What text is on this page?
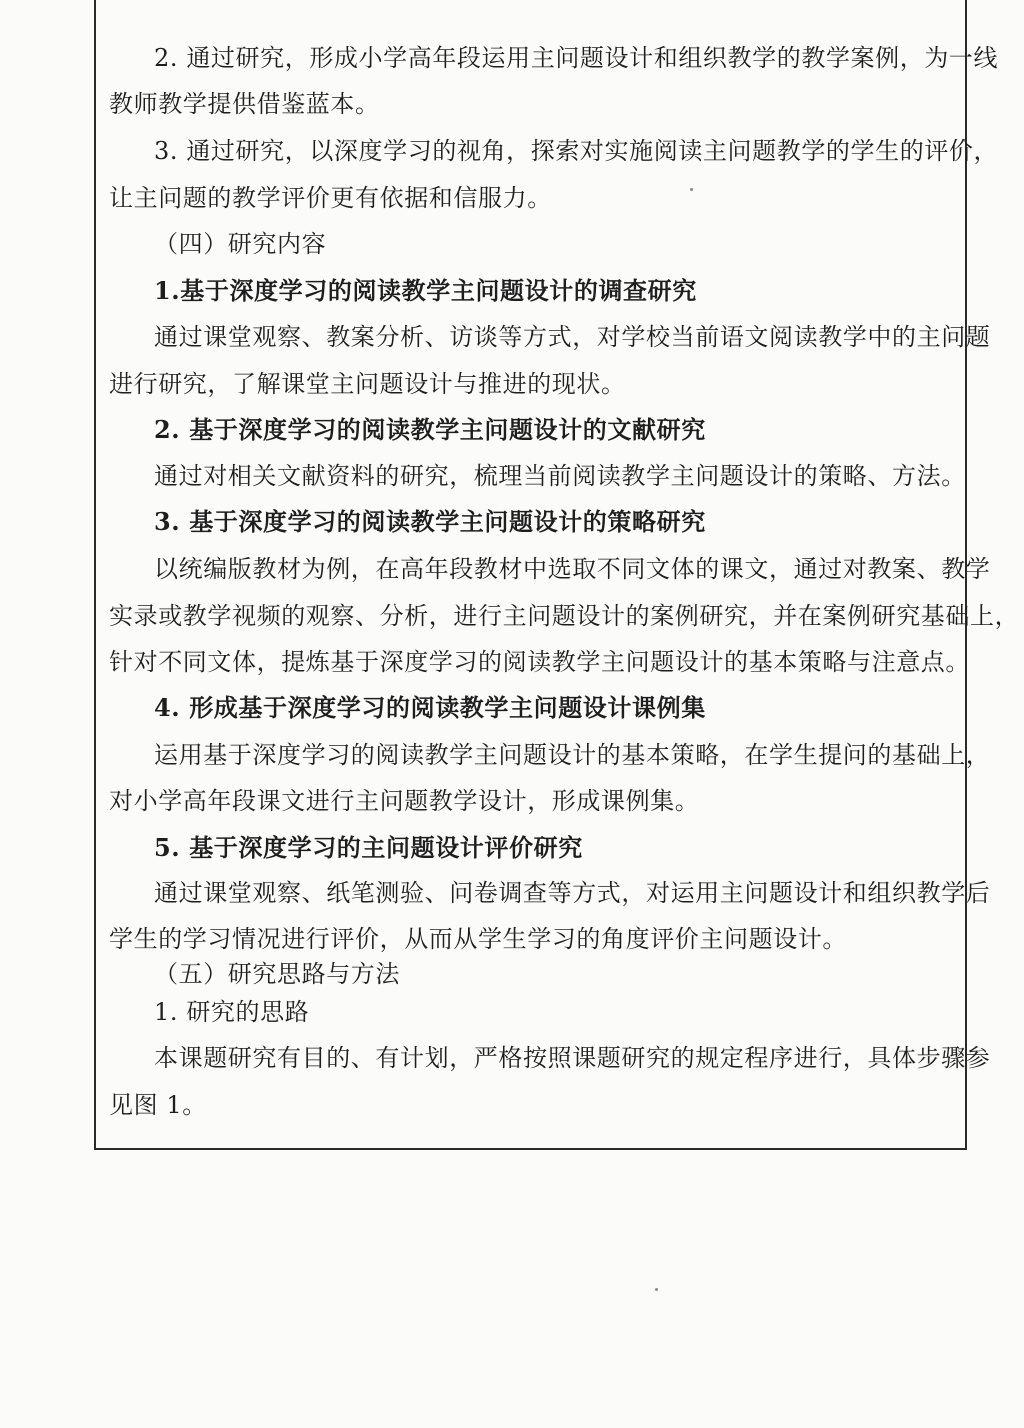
2. 通过研究，形成小学高年段运用主问题设计和组织教学的教学案例，为一线
教师教学提供借鉴蓝本。
3. 通过研究，以深度学习的视角，探索对实施阅读主问题教学的学生的评价，
让主问题的教学评价更有依据和信服力。
（四）研究内容
1.基于深度学习的阅读教学主问题设计的调查研究
通过课堂观察、教案分析、访谈等方式，对学校当前语文阅读教学中的主问题
进行研究，了解课堂主问题设计与推进的现状。
2. 基于深度学习的阅读教学主问题设计的文献研究
通过对相关文献资料的研究，梳理当前阅读教学主问题设计的策略、方法。
3. 基于深度学习的阅读教学主问题设计的策略研究
以统编版教材为例，在高年段教材中选取不同文体的课文，通过对教案、教学
实录或教学视频的观察、分析，进行主问题设计的案例研究，并在案例研究基础上，
针对不同文体，提炼基于深度学习的阅读教学主问题设计的基本策略与注意点。
4. 形成基于深度学习的阅读教学主问题设计课例集
运用基于深度学习的阅读教学主问题设计的基本策略，在学生提问的基础上，
对小学高年段课文进行主问题教学设计，形成课例集。
5. 基于深度学习的主问题设计评价研究
通过课堂观察、纸笔测验、问卷调查等方式，对运用主问题设计和组织教学后
学生的学习情况进行评价，从而从学生学习的角度评价主问题设计。
（五）研究思路与方法
1. 研究的思路
本课题研究有目的、有计划，严格按照课题研究的规定程序进行，具体步骤参
见图 1。
